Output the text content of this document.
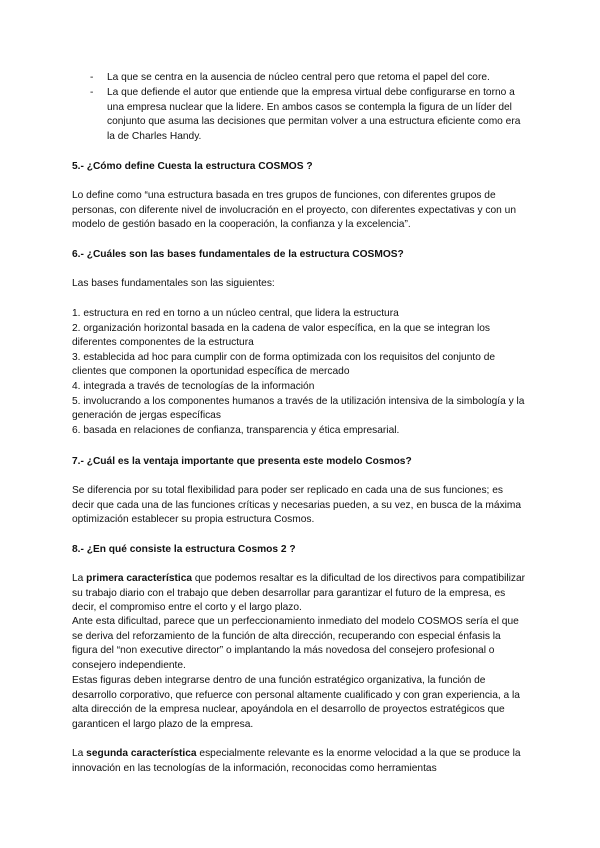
- La que se centra en la ausencia de núcleo central pero que retoma el papel del core.
- La que defiende el autor que entiende que la empresa virtual debe configurarse en torno a una empresa nuclear que la lidere. En ambos casos se contempla la figura de un líder del conjunto que asuma las decisiones que permitan volver a una estructura eficiente como era la de Charles Handy.
5.- ¿Cómo define Cuesta la estructura COSMOS ?
Lo define como “una estructura basada en tres grupos de funciones, con diferentes grupos de personas, con diferente nivel de involucración en el proyecto, con diferentes expectativas y con un modelo de gestión basado en la cooperación, la confianza y la excelencia”.
6.- ¿Cuáles son las bases fundamentales de la estructura COSMOS?
Las bases fundamentales son las siguientes:
1. estructura en red en torno a un núcleo central, que lidera la estructura
2. organización horizontal basada en la cadena de valor específica, en la que se integran los diferentes componentes de la estructura
3. establecida ad hoc para cumplir con de forma optimizada con los requisitos del conjunto de clientes que componen la oportunidad específica de mercado
4. integrada a través de tecnologías de la información
5. involucrando a los componentes humanos a través de la utilización intensiva de la simbología y la generación de jergas específicas
6. basada en relaciones de confianza, transparencia y ética empresarial.
7.- ¿Cuál es la ventaja importante que presenta este modelo Cosmos?
Se diferencia por su total flexibilidad para poder ser replicado en cada una de sus funciones; es decir que cada una de las funciones críticas y necesarias pueden, a su vez, en busca de la máxima optimización establecer su propia estructura Cosmos.
8.- ¿En qué consiste la estructura Cosmos 2 ?
La primera característica que podemos resaltar es la dificultad de los directivos para compatibilizar su trabajo diario con el trabajo que deben desarrollar para garantizar el futuro de la empresa, es decir, el compromiso entre el corto y el largo plazo.
Ante esta dificultad, parece que un perfeccionamiento inmediato del modelo COSMOS sería el que se deriva del reforzamiento de la función de alta dirección, recuperando con especial énfasis la figura del “non executive director” o implantando la más novedosa del consejero profesional o consejero independiente.
Estas figuras deben integrarse dentro de una función estratégico organizativa, la función de desarrollo corporativo, que refuerce con personal altamente cualificado y con gran experiencia, a la alta dirección de la empresa nuclear, apoyándola en el desarrollo de proyectos estratégicos que garanticen el largo plazo de la empresa.
La segunda característica especialmente relevante es la enorme velocidad a la que se produce la innovación en las tecnologías de la información, reconocidas como herramientas
